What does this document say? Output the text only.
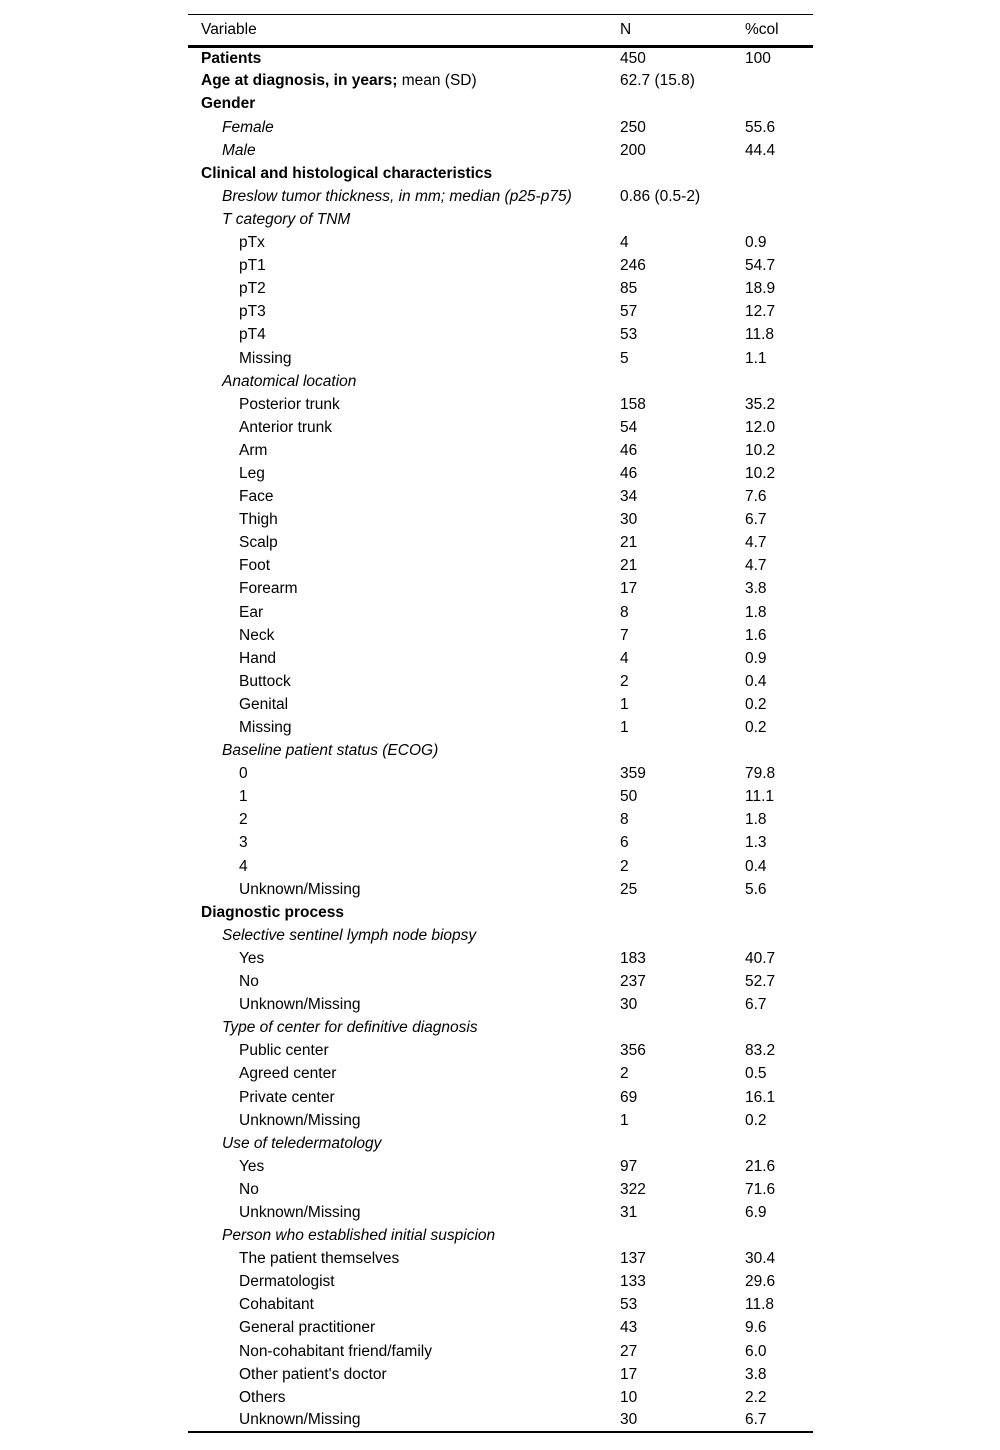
Variable	N	%col
Patients	450	100
Age at diagnosis, in years; mean (SD)	62.7 (15.8)	
Gender		
Female	250	55.6
Male	200	44.4
Clinical and histological characteristics		
Breslow tumor thickness, in mm; median (p25-p75)	0.86 (0.5-2)	
T category of TNM		
pTx	4	0.9
pT1	246	54.7
pT2	85	18.9
pT3	57	12.7
pT4	53	11.8
Missing	5	1.1
Anatomical location		
Posterior trunk	158	35.2
Anterior trunk	54	12.0
Arm	46	10.2
Leg	46	10.2
Face	34	7.6
Thigh	30	6.7
Scalp	21	4.7
Foot	21	4.7
Forearm	17	3.8
Ear	8	1.8
Neck	7	1.6
Hand	4	0.9
Buttock	2	0.4
Genital	1	0.2
Missing	1	0.2
Baseline patient status (ECOG)		
0	359	79.8
1	50	11.1
2	8	1.8
3	6	1.3
4	2	0.4
Unknown/Missing	25	5.6
Diagnostic process		
Selective sentinel lymph node biopsy		
Yes	183	40.7
No	237	52.7
Unknown/Missing	30	6.7
Type of center for definitive diagnosis		
Public center	356	83.2
Agreed center	2	0.5
Private center	69	16.1
Unknown/Missing	1	0.2
Use of teledermatology		
Yes	97	21.6
No	322	71.6
Unknown/Missing	31	6.9
Person who established initial suspicion		
The patient themselves	137	30.4
Dermatologist	133	29.6
Cohabitant	53	11.8
General practitioner	43	9.6
Non-cohabitant friend/family	27	6.0
Other patient's doctor	17	3.8
Others	10	2.2
Unknown/Missing	30	6.7
